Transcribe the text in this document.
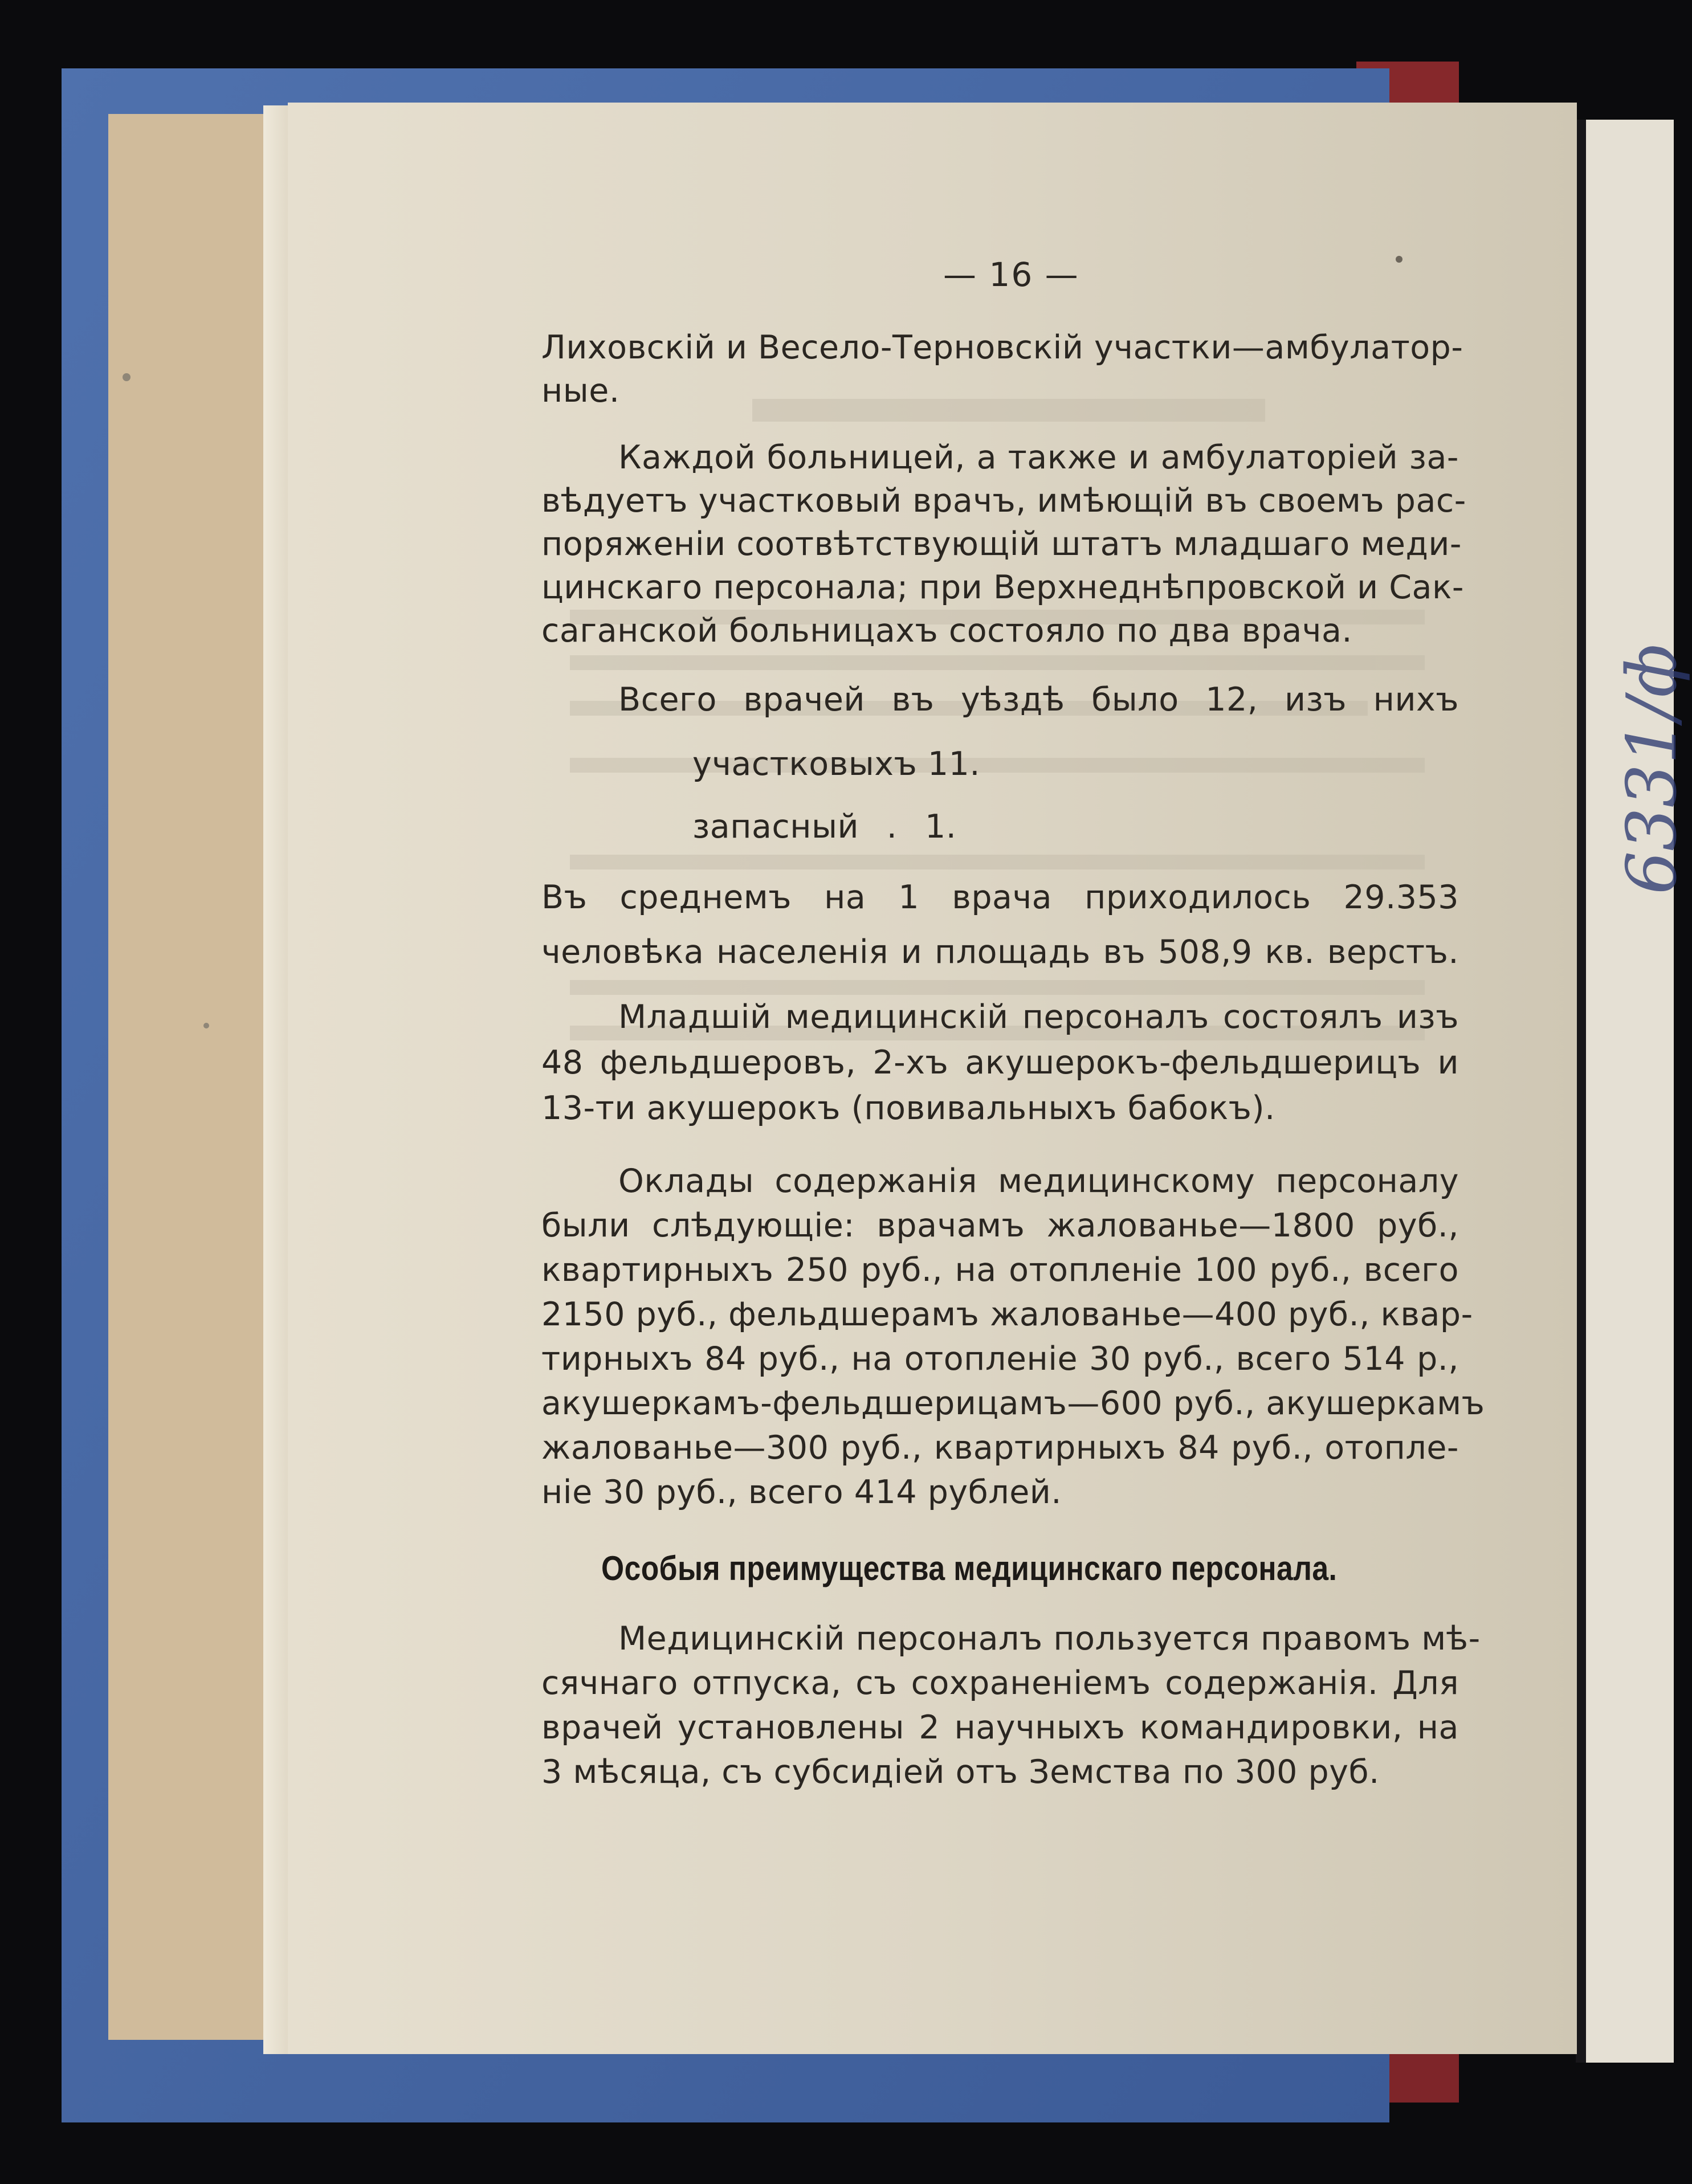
— 16 —

Лиховскій и Весело-Терновскій участки—амбулатор-

ные.

Каждой больницей, а также и амбулаторіей за-

вѣдуетъ участковый врачъ, имѣющій въ своемъ рас-

поряженіи соотвѣтствующій штатъ младшаго меди-

цинскаго персонала; при Верхнеднѣпровской и Сак-

саганской больницахъ состояло по два врача.

Всего врачей въ уѣздѣ было 12, изъ нихъ

участковыхъ 11.

запасный . 1.

Въ среднемъ на 1 врача приходилось 29.353

человѣка населенія и площадь въ 508,9 кв. верстъ.

Младшій медицинскій персоналъ состоялъ изъ

48 фельдшеровъ, 2-хъ акушерокъ-фельдшерицъ и

13-ти акушерокъ (повивальныхъ бабокъ).

Оклады содержанія медицинскому персоналу

были слѣдующіе: врачамъ жалованье—1800 руб.,

квартирныхъ 250 руб., на отопленіе 100 руб., всего

2150 руб., фельдшерамъ жалованье—400 руб., квар-

тирныхъ 84 руб., на отопленіе 30 руб., всего 514 р.,

акушеркамъ-фельдшерицамъ—600 руб., акушеркамъ

жалованье—300 руб., квартирныхъ 84 руб., отопле-

ніе 30 руб., всего 414 рублей.

Особыя преимущества медицинскаго персонала.

Медицинскій персоналъ пользуется правомъ мѣ-

сячнаго отпуска, съ сохраненіемъ содержанія. Для

врачей установлены 2 научныхъ командировки, на

3 мѣсяца, съ субсидіей отъ Земства по 300 руб.

6331/ф
